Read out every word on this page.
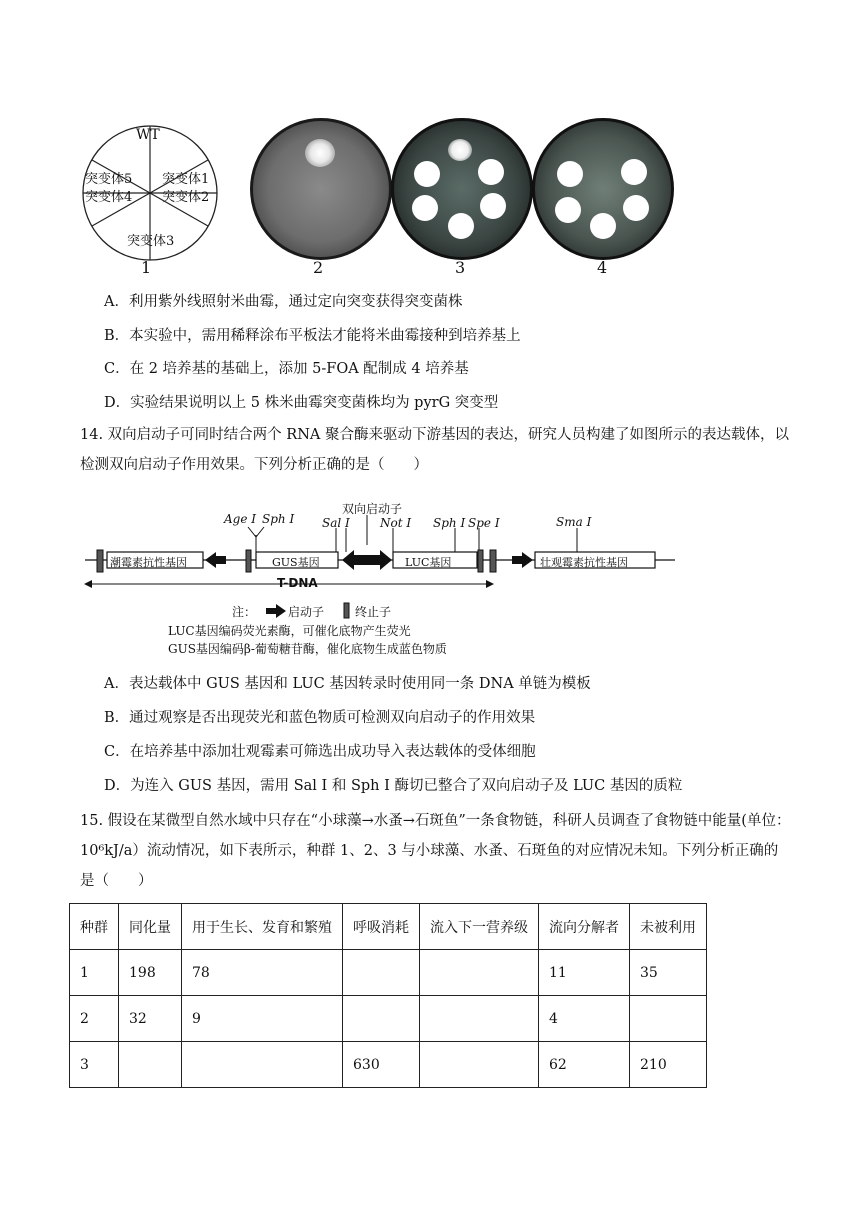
WT
突变体1
突变体2
突变体3
突变体4
突变体5
1	2	3	4
A．利用紫外线照射米曲霉，通过定向突变获得突变菌株
B．本实验中，需用稀释涂布平板法才能将米曲霉接种到培养基上
C．在 2 培养基的基础上，添加 5-FOA 配制成 4 培养基
D．实验结果说明以上 5 株米曲霉突变菌株均为 pyrG 突变型
14. 双向启动子可同时结合两个 RNA 聚合酶来驱动下游基因的表达，研究人员构建了如图所示的表达载体，以检测双向启动子作用效果。下列分析正确的是（　　）
双向启动子
Age Ⅰ Sph Ⅰ Sal Ⅰ	Not Ⅰ Sph Ⅰ Spe Ⅰ	Sma Ⅰ
潮霉素抗性基因	GUS基因	LUC基因	壮观霉素抗性基因
T-DNA
注：	启动子	终止子
LUC基因编码荧光素酶，可催化底物产生荧光
GUS基因编码β-葡萄糖苷酶，催化底物生成蓝色物质
A．表达载体中 GUS 基因和 LUC 基因转录时使用同一条 DNA 单链为模板
B．通过观察是否出现荧光和蓝色物质可检测双向启动子的作用效果
C．在培养基中添加壮观霉素可筛选出成功导入表达载体的受体细胞
D．为连入 GUS 基因，需用 Sal I 和 Sph I 酶切已整合了双向启动子及 LUC 基因的质粒
15. 假设在某微型自然水域中只存在“小球藻→水蚤→石斑鱼”一条食物链，科研人员调查了食物链中能量(单位：10⁶kJ/a）流动情况，如下表所示，种群 1、2、3 与小球藻、水蚤、石斑鱼的对应情况未知。下列分析正确的是（　　）
种群	同化量	用于生长、发育和繁殖	呼吸消耗	流入下一营养级	流向分解者	未被利用
1	198	78			11	35
2	32	9			4	
3			630		62	210
